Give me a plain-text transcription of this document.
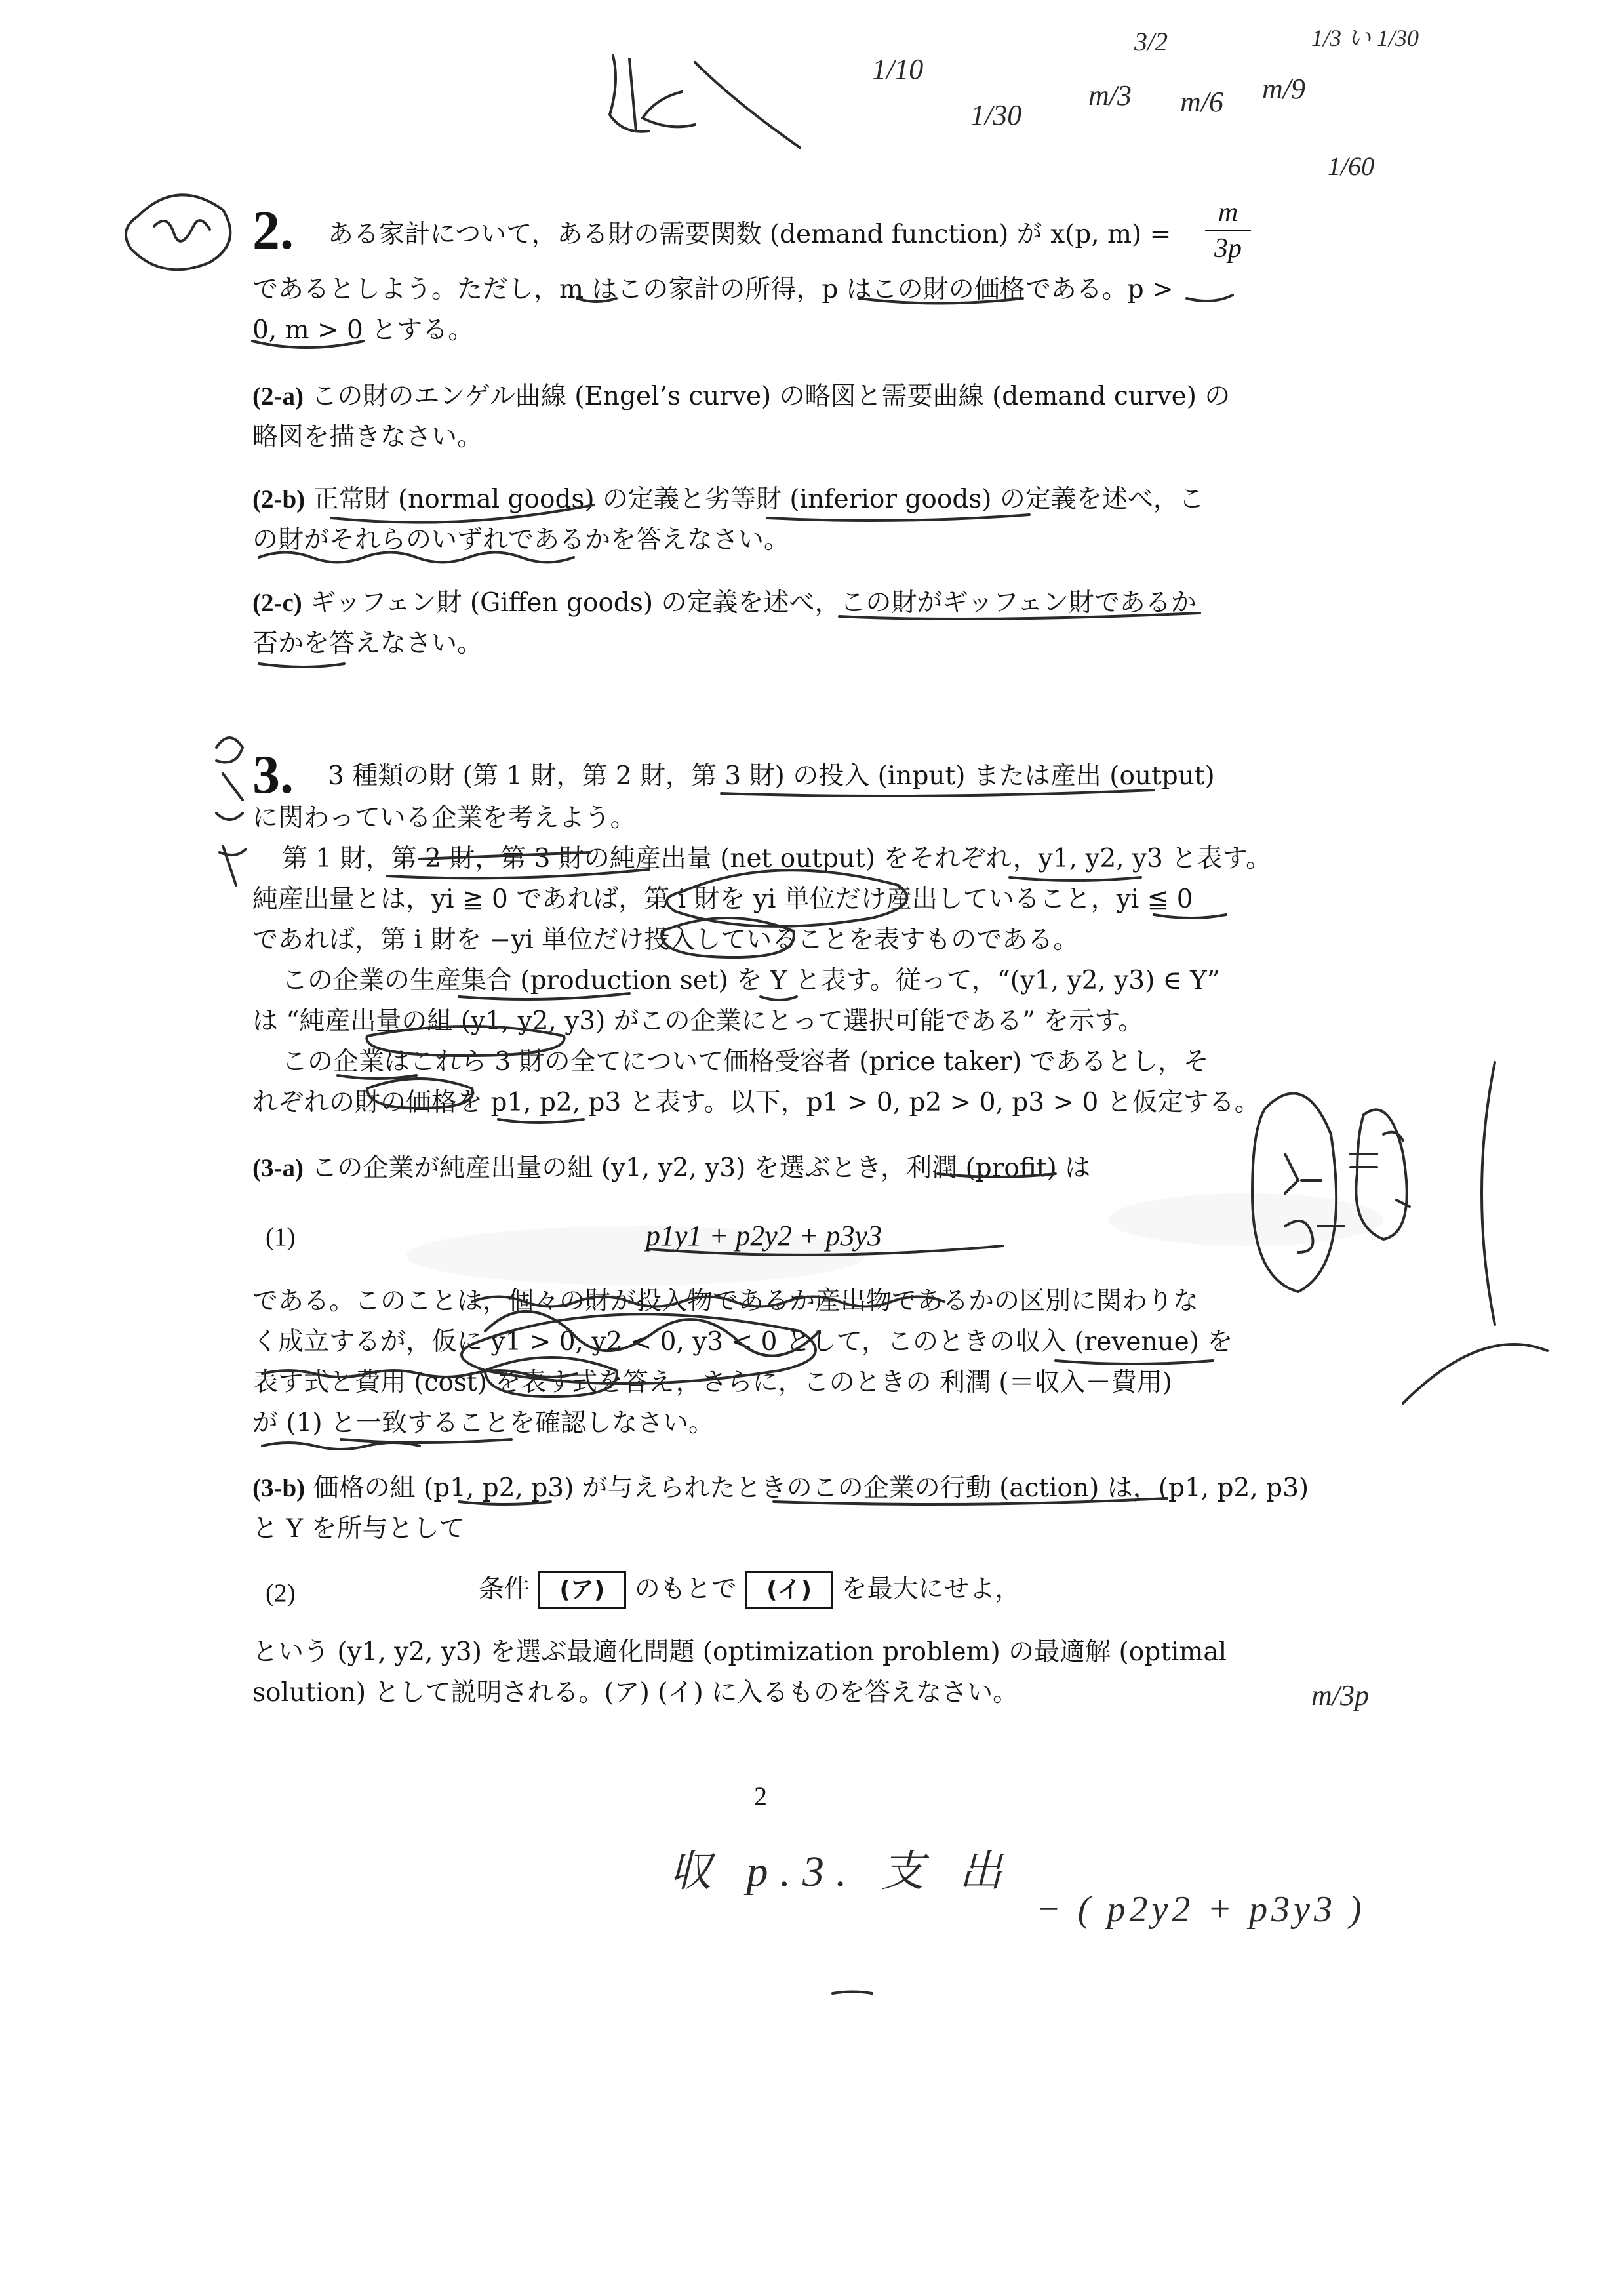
2. ある家計について，ある財の需要関数 (demand function) が x(p, m) =
m
3p
であるとしよう。ただし，m はこの家計の所得，p はこの財の価格である。p >
0, m > 0 とする。
(2-a) この財のエンゲル曲線 (Engel’s curve) の略図と需要曲線 (demand curve) の
略図を描きなさい。
(2-b) 正常財 (normal goods) の定義と劣等財 (inferior goods) の定義を述べ，こ
の財がそれらのいずれであるかを答えなさい。
(2-c) ギッフェン財 (Giffen goods) の定義を述べ，この財がギッフェン財であるか
否かを答えなさい。
3. 3 種類の財 (第 1 財，第 2 財，第 3 財) の投入 (input) または産出 (output)
に関わっている企業を考えよう。
第 1 財，第 2 財，第 3 財の純産出量 (net output) をそれぞれ，y1, y2, y3 と表す。
純産出量とは，yi ≧ 0 であれば，第 i 財を yi 単位だけ産出していること，yi ≦ 0
であれば，第 i 財を −yi 単位だけ投入していることを表すものである。
この企業の生産集合 (production set) を Y と表す。従って，“(y1, y2, y3) ∈ Y”
は “純産出量の組 (y1, y2, y3) がこの企業にとって選択可能である” を示す。
この企業はこれら 3 財の全てについて価格受容者 (price taker) であるとし，そ
れぞれの財の価格を p1, p2, p3 と表す。以下，p1 > 0, p2 > 0, p3 > 0 と仮定する。
(3-a) この企業が純産出量の組 (y1, y2, y3) を選ぶとき，利潤 (profit) は
(1)	p1y1 + p2y2 + p3y3
である。このことは，個々の財が投入物であるか産出物であるかの区別に関わりな
く成立するが，仮に y1 > 0, y2 < 0, y3 < 0 として，このときの収入 (revenue) を
表す式と費用 (cost) を表す式を答え，さらに，このときの 利潤 (＝収入－費用)
が (1) と一致することを確認しなさい。
(3-b) 価格の組 (p1, p2, p3) が与えられたときのこの企業の行動 (action) は，(p1, p2, p3)
と Y を所与として
(2)	条件 (ア) のもとで (イ) を最大にせよ，
という (y1, y2, y3) を選ぶ最適化問題 (optimization problem) の最適解 (optimal
solution) として説明される。(ア) (イ) に入るものを答えなさい。
2
1/10
1/30
m/3 m/6 m/9
3/2	1/3 い 1/30
1/60
m/3p
収 p.3. 支 出
− ( p2y2 + p3y3 )
